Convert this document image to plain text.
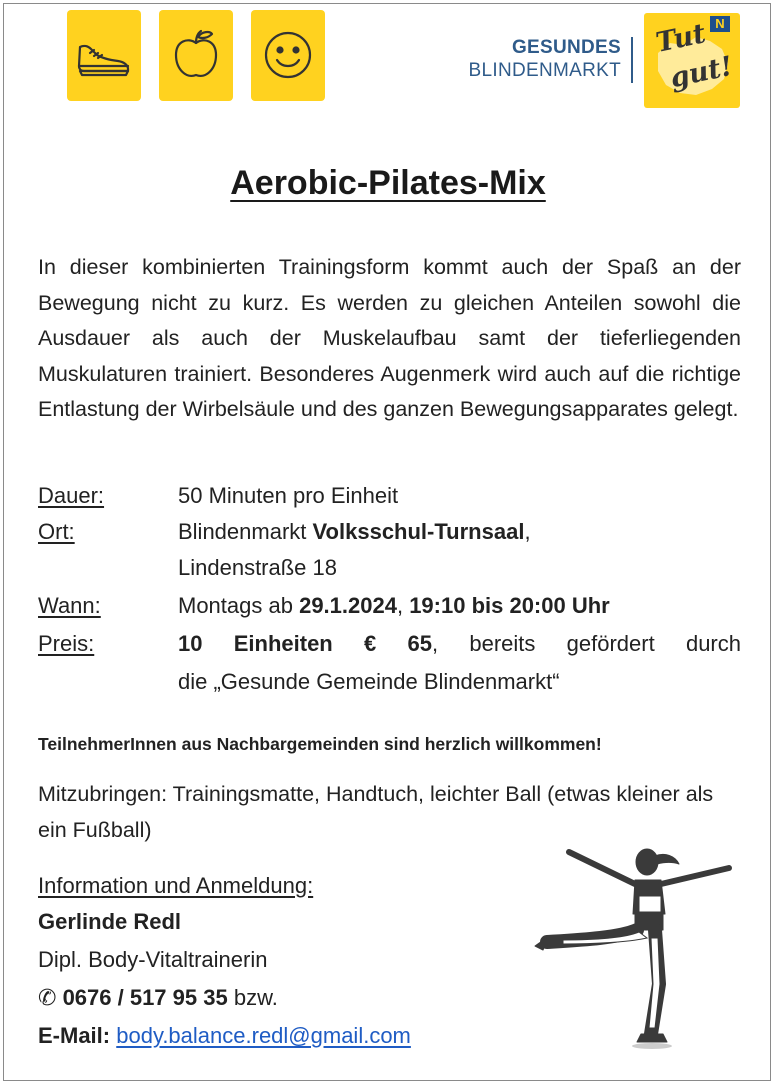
GESUNDES
BLINDENMARKT
Tut
gut!
N
Aerobic-Pilates-Mix

In dieser kombinierten Trainingsform kommt auch der Spaß an der Bewegung nicht zu kurz. Es werden zu gleichen Anteilen sowohl die Ausdauer als auch der Muskelaufbau samt der tieferliegenden Muskulaturen trainiert. Besonderes Augenmerk wird auch auf die richtige Entlastung der Wirbelsäule und des ganzen Bewegungsapparates gelegt.

Dauer:	50 Minuten pro Einheit
Ort:	Blindenmarkt Volksschul-Turnsaal,
Lindenstraße 18
Wann:	Montags ab 29.1.2024, 19:10 bis 20:00 Uhr
Preis:	10 Einheiten € 65, bereits gefördert durch
die „Gesunde Gemeinde Blindenmarkt“
TeilnehmerInnen aus Nachbargemeinden sind herzlich willkommen!

Mitzubringen: Trainingsmatte, Handtuch, leichter Ball (etwas kleiner als ein Fußball)

Information und Anmeldung:
Gerlinde Redl
Dipl. Body-Vitaltrainerin
✆ 0676 / 517 95 35 bzw.
E-Mail: body.balance.redl@gmail.com
